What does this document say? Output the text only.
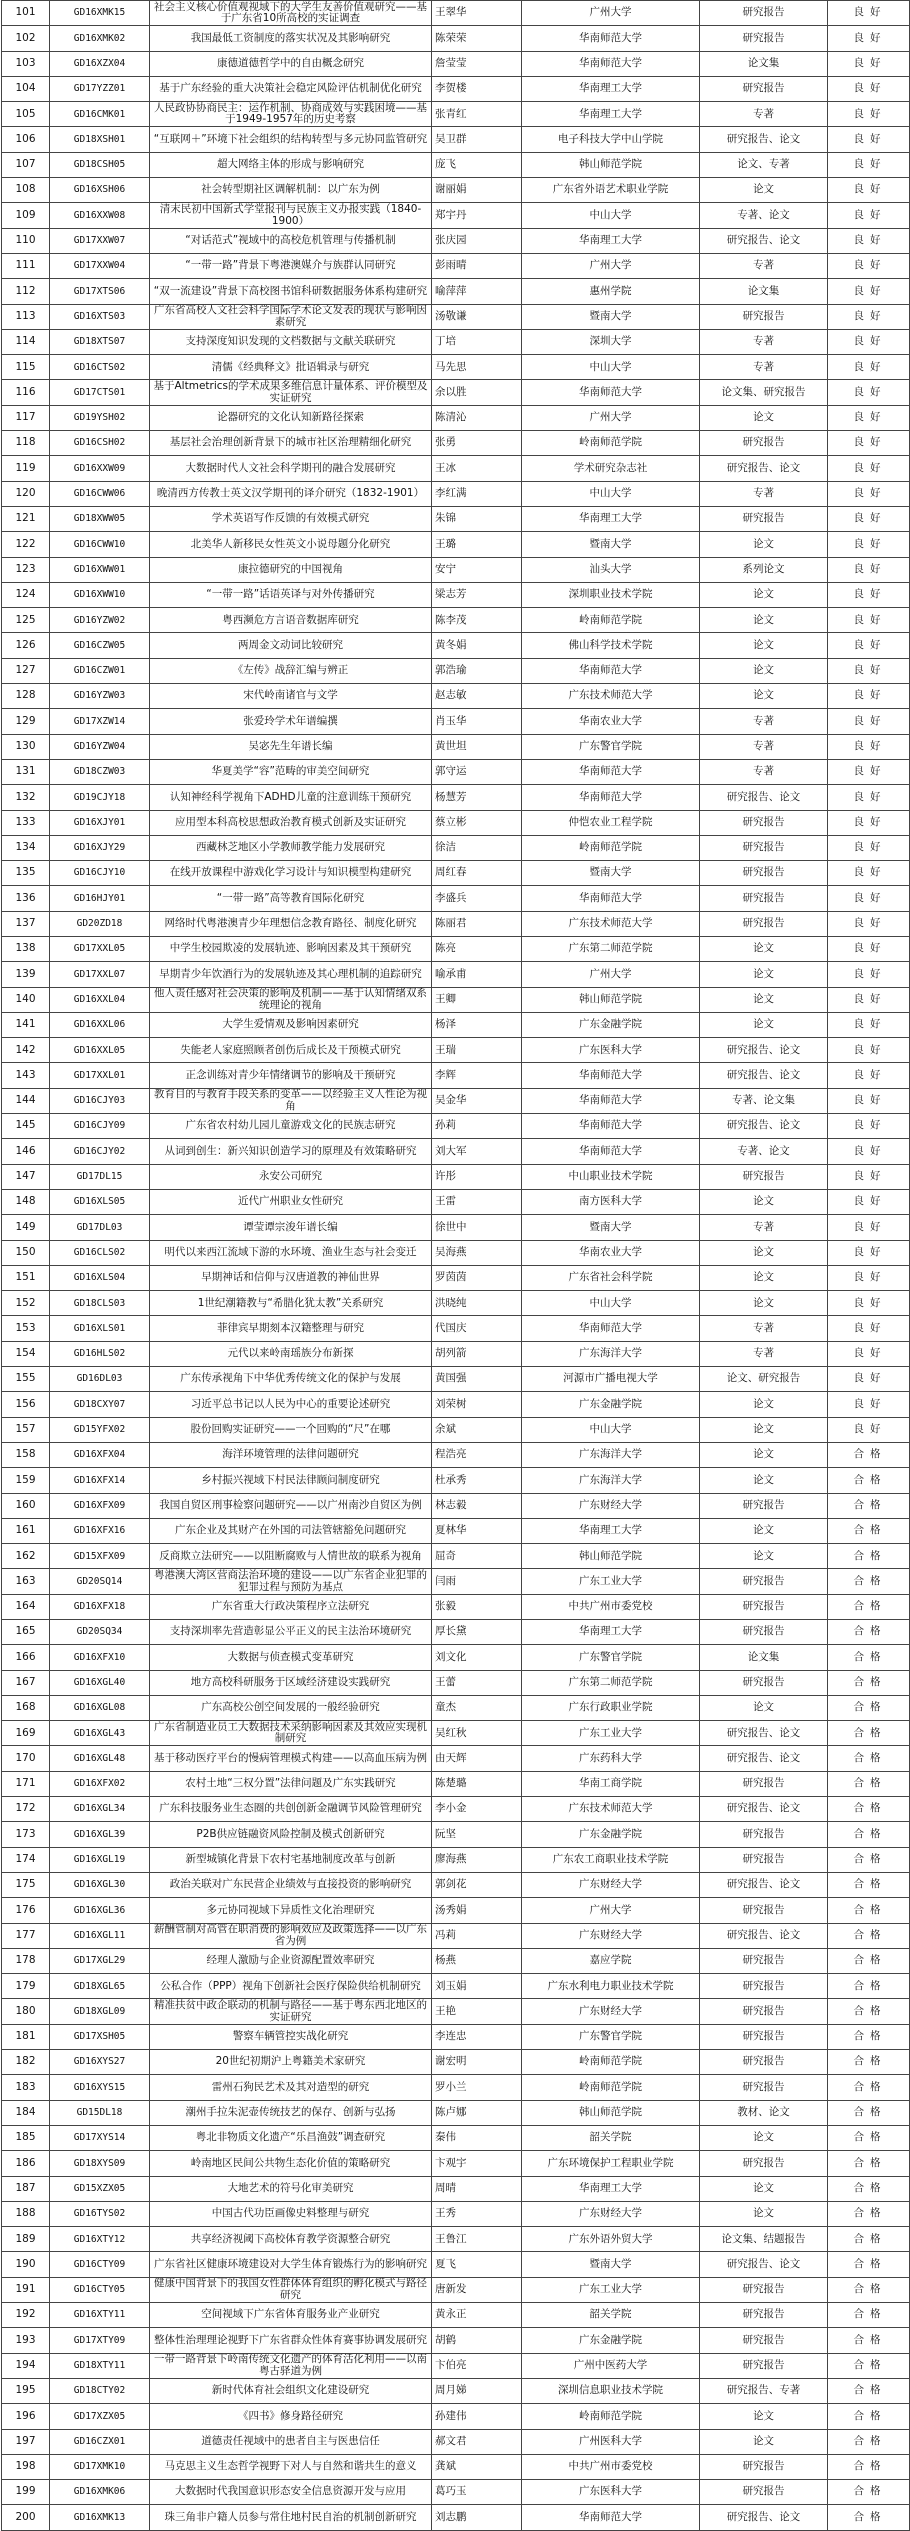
101	GD16XMK15	社会主义核心价值观视域下的大学生友善价值观研究——基于广东省10所高校的实证调查	王翠华	广州大学	研究报告	良好
102	GD16XMK02	我国最低工资制度的落实状况及其影响研究	陈荣荣	华南师范大学	研究报告	良好
103	GD16XZX04	康德道德哲学中的自由概念研究	詹莹莹	华南师范大学	论文集	良好
104	GD17YZZ01	基于广东经验的重大决策社会稳定风险评估机制优化研究	李贺楼	华南理工大学	研究报告	良好
105	GD16CMK01	人民政协协商民主：运作机制、协商成效与实践困境——基于1949-1957年的历史考察	张青红	华南理工大学	专著	良好
106	GD18XSH01	“互联网＋”环境下社会组织的结构转型与多元协同监管研究	吴卫群	电子科技大学中山学院	研究报告、论文	良好
107	GD18CSH05	超大网络主体的形成与影响研究	庞飞	韩山师范学院	论文、专著	良好
108	GD16XSH06	社会转型期社区调解机制：以广东为例	谢丽娟	广东省外语艺术职业学院	论文	良好
109	GD16XXW08	清末民初中国新式学堂报刊与民族主义办报实践（1840-1900）	郑宇丹	中山大学	专著、论文	良好
110	GD17XXW07	“对话范式”视域中的高校危机管理与传播机制	张庆园	华南理工大学	研究报告、论文	良好
111	GD17XXW04	“一带一路”背景下粤港澳媒介与族群认同研究	彭雨晴	广州大学	专著	良好
112	GD17XTS06	“双一流建设”背景下高校图书馆科研数据服务体系构建研究	喻萍萍	惠州学院	论文集	良好
113	GD16XTS03	广东省高校人文社会科学国际学术论文发表的现状与影响因素研究	汤敬谦	暨南大学	研究报告	良好
114	GD18XTS07	支持深度知识发现的文档数据与文献关联研究	丁培	深圳大学	专著	良好
115	GD16CTS02	清儒《经典释文》批语辑录与研究	马先思	中山大学	专著	良好
116	GD17CTS01	基于Altmetrics的学术成果多维信息计量体系、评价模型及实证研究	余以胜	华南师范大学	论文集、研究报告	良好
117	GD19YSH02	论器研究的文化认知新路径探索	陈清沁	广州大学	论文	良好
118	GD16CSH02	基层社会治理创新背景下的城市社区治理精细化研究	张勇	岭南师范学院	研究报告	良好
119	GD16XXW09	大数据时代人文社会科学期刊的融合发展研究	王冰	学术研究杂志社	研究报告、论文	良好
120	GD16CWW06	晚清西方传教士英文汉学期刊的译介研究（1832-1901）	李红满	中山大学	专著	良好
121	GD18XWW05	学术英语写作反馈的有效模式研究	朱锦	华南理工大学	研究报告	良好
122	GD16CWW10	北美华人新移民女性英文小说母题分化研究	王璐	暨南大学	论文	良好
123	GD16XWW01	康拉德研究的中国视角	安宁	汕头大学	系列论文	良好
124	GD16XWW10	“一带一路”话语英译与对外传播研究	梁志芳	深圳职业技术学院	论文	良好
125	GD16YZW02	粤西濒危方言语音数据库研究	陈李茂	岭南师范学院	论文	良好
126	GD16CZW05	两周金文动词比较研究	黄冬娟	佛山科学技术学院	论文	良好
127	GD16CZW01	《左传》战辞汇编与辨正	郭浩瑜	华南师范大学	论文	良好
128	GD16YZW03	宋代岭南诸官与文学	赵志敏	广东技术师范大学	论文	良好
129	GD17XZW14	张爱玲学术年谱编撰	肖玉华	华南农业大学	专著	良好
130	GD16YZW04	吴宓先生年谱长编	黄世坦	广东警官学院	专著	良好
131	GD18CZW03	华夏美学“容”范畴的审美空间研究	郭守运	华南师范大学	专著	良好
132	GD19CJY18	认知神经科学视角下ADHD儿童的注意训练干预研究	杨慧芳	华南师范大学	研究报告、论文	良好
133	GD16XJY01	应用型本科高校思想政治教育模式创新及实证研究	蔡立彬	仲恺农业工程学院	研究报告	良好
134	GD16XJY29	西藏林芝地区小学教师教学能力发展研究	徐洁	岭南师范学院	研究报告	良好
135	GD16CJY10	在线开放课程中游戏化学习设计与知识模型构建研究	周红春	暨南大学	研究报告	良好
136	GD16HJY01	“一带一路”高等教育国际化研究	李盛兵	华南师范大学	研究报告	良好
137	GD20ZD18	网络时代粤港澳青少年理想信念教育路径、制度化研究	陈丽君	广东技术师范大学	研究报告	良好
138	GD17XXL05	中学生校园欺凌的发展轨迹、影响因素及其干预研究	陈亮	广东第二师范学院	论文	良好
139	GD17XXL07	早期青少年饮酒行为的发展轨迹及其心理机制的追踪研究	喻承甫	广州大学	论文	良好
140	GD16XXL04	他人责任感对社会决策的影响及机制——基于认知情绪双系统理论的视角	王卿	韩山师范学院	论文	良好
141	GD16XXL06	大学生爱情观及影响因素研究	杨泽	广东金融学院	论文	良好
142	GD16XXL05	失能老人家庭照顾者创伤后成长及干预模式研究	王瑞	广东医科大学	研究报告、论文	良好
143	GD17XXL01	正念训练对青少年情绪调节的影响及干预研究	李辉	华南师范大学	研究报告、论文	良好
144	GD16CJY03	教育目的与教育手段关系的变革——以经验主义人性论为视角	吴金华	华南师范大学	专著、论文集	良好
145	GD16CJY09	广东省农村幼儿园儿童游戏文化的民族志研究	孙莉	华南师范大学	研究报告、论文	良好
146	GD16CJY02	从词到创生：新兴知识创造学习的原理及有效策略研究	刘大军	华南师范大学	专著、论文	良好
147	GD17DL15	永安公司研究	许彤	中山职业技术学院	研究报告	良好
148	GD16XLS05	近代广州职业女性研究	王雷	南方医科大学	论文	良好
149	GD17DL03	谭莹谭宗浚年谱长编	徐世中	暨南大学	专著	良好
150	GD16CLS02	明代以来西江流域下游的水环境、渔业生态与社会变迁	吴海燕	华南农业大学	论文	良好
151	GD16XLS04	早期神话和信仰与汉唐道教的神仙世界	罗茵茵	广东省社会科学院	论文	良好
152	GD18CLS03	1世纪潮籍教与“希腊化犹太教”关系研究	洪晓纯	中山大学	论文	良好
153	GD16XLS01	菲律宾早期刻本汉籍整理与研究	代国庆	华南师范大学	专著	良好
154	GD16HLS02	元代以来岭南瑶族分布新探	胡列箭	广东海洋大学	专著	良好
155	GD16DL03	广东传承视角下中华优秀传统文化的保护与发展	黄国强	河源市广播电视大学	论文、研究报告	良好
156	GD18CXY07	习近平总书记以人民为中心的重要论述研究	刘荣树	广东金融学院	论文	良好
157	GD15YFX02	股份回购实证研究——一个回购的“尺”在哪	余斌	中山大学	论文	良好
158	GD16XFX04	海洋环境管理的法律问题研究	程浩亮	广东海洋大学	论文	合格
159	GD16XFX14	乡村振兴视域下村民法律顾问制度研究	杜承秀	广东海洋大学	论文	合格
160	GD16XFX09	我国自贸区刑事检察问题研究——以广州南沙自贸区为例	林志毅	广东财经大学	研究报告	合格
161	GD16XFX16	广东企业及其财产在外国的司法管辖豁免问题研究	夏林华	华南理工大学	论文	合格
162	GD15XFX09	反商欺立法研究——以阻断腐败与人情世故的联系为视角	屈奇	韩山师范学院	论文	合格
163	GD20SQ14	粤港澳大湾区营商法治环境的建设——以广东省企业犯罪的犯罪过程与预防为基点	闫雨	广东工业大学	研究报告	合格
164	GD16XFX18	广东省重大行政决策程序立法研究	张毅	中共广州市委党校	研究报告	合格
165	GD20SQ34	支持深圳率先营造彰显公平正义的民主法治环境研究	厚长黛	华南理工大学	研究报告	合格
166	GD16XFX10	大数据与侦查模式变革研究	刘文化	广东警官学院	论文集	合格
167	GD16XGL40	地方高校科研服务于区域经济建设实践研究	王蕾	广东第二师范学院	研究报告	合格
168	GD16XGL08	广东高校公创空间发展的一般经验研究	童杰	广东行政职业学院	论文	合格
169	GD16XGL43	广东省制造业员工大数据技术采纳影响因素及其效应实现机制研究	吴红秋	广东工业大学	研究报告、论文	合格
170	GD16XGL48	基于移动医疗平台的慢病管理模式构建——以高血压病为例	由天辉	广东药科大学	研究报告、论文	合格
171	GD16XFX02	农村土地“三权分置”法律问题及广东实践研究	陈楚璐	华南工商学院	研究报告	合格
172	GD16XGL34	广东科技服务业生态圈的共创创新金融调节风险管理研究	李小金	广东技术师范大学	研究报告、论文	合格
173	GD16XGL39	P2B供应链融资风险控制及模式创新研究	阮坚	广东金融学院	研究报告	合格
174	GD16XGL19	新型城镇化背景下农村宅基地制度改革与创新	廖海燕	广东农工商职业技术学院	研究报告	合格
175	GD16XGL30	政治关联对广东民营企业绩效与直接投资的影响研究	郭剑花	广东财经大学	研究报告、论文	合格
176	GD16XGL36	多元协同视域下异质性文化治理研究	汤秀娟	广州大学	研究报告	合格
177	GD16XGL11	薪酬管制对高管在职消费的影响效应及政策选择——以广东省为例	冯莉	广东财经大学	研究报告、论文	合格
178	GD17XGL29	经理人激励与企业资源配置效率研究	杨燕	嘉应学院	研究报告	合格
179	GD18XGL65	公私合作（PPP）视角下创新社会医疗保险供给机制研究	刘玉娟	广东水利电力职业技术学院	研究报告	合格
180	GD18XGL09	精准扶贫中政企联动的机制与路径——基于粤东西北地区的实证研究	王艳	广东财经大学	研究报告	合格
181	GD17XSH05	警察车辆管控实战化研究	李连忠	广东警官学院	研究报告	合格
182	GD16XYS27	20世纪初期沪上粤籍美术家研究	谢宏明	岭南师范学院	研究报告	合格
183	GD16XYS15	雷州石狗民艺术及其对造型的研究	罗小兰	岭南师范学院	研究报告	合格
184	GD15DL18	潮州手拉朱泥壶传统技艺的保存、创新与弘扬	陈卢娜	韩山师范学院	教材、论文	合格
185	GD17XYS14	粤北非物质文化遗产“乐昌渔鼓”调查研究	秦伟	韶关学院	论文	合格
186	GD18XYS09	岭南地区民间公共物生态化价值的策略研究	卞观宇	广东环境保护工程职业学院	研究报告	合格
187	GD15XZX05	大地艺术的符号化审美研究	周晴	华南理工大学	论文	合格
188	GD16TYS02	中国古代功臣画像史料整理与研究	王秀	广东财经大学	论文	合格
189	GD16XTY12	共享经济视阈下高校体育教学资源整合研究	王鲁江	广东外语外贸大学	论文集、结题报告	合格
190	GD16CTY09	广东省社区健康环境建设对大学生体育锻炼行为的影响研究	夏飞	暨南大学	研究报告、论文	合格
191	GD16CTY05	健康中国背景下的我国女性群体体育组织的孵化模式与路径研究	唐新发	广东工业大学	研究报告	合格
192	GD16XTY11	空间视域下广东省体育服务业产业研究	黄永正	韶关学院	研究报告	合格
193	GD17XTY09	整体性治理理论视野下广东省群众性体育赛事协调发展研究	胡鹤	广东金融学院	研究报告	合格
194	GD18XTY11	一带一路背景下岭南传统文化遗产的体育活化利用——以南粤古驿道为例	卞伯亮	广州中医药大学	研究报告	合格
195	GD18CTY02	新时代体育社会组织文化建设研究	周月娣	深圳信息职业技术学院	研究报告、专著	合格
196	GD17XZX05	《四书》修身路径研究	孙建伟	岭南师范学院	论文	合格
197	GD16CZX01	道德责任视域中的患者自主与医患信任	郝文君	广州医科大学	论文	合格
198	GD17XMK10	马克思主义生态哲学视野下对人与自然和谐共生的意义	龚斌	中共广州市委党校	研究报告	合格
199	GD16XMK06	大数据时代我国意识形态安全信息资源开发与应用	葛巧玉	广东医科大学	研究报告	合格
200	GD16XMK13	珠三角非户籍人员参与常住地村民自治的机制创新研究	刘志鹏	华南师范大学	研究报告、论文	合格
